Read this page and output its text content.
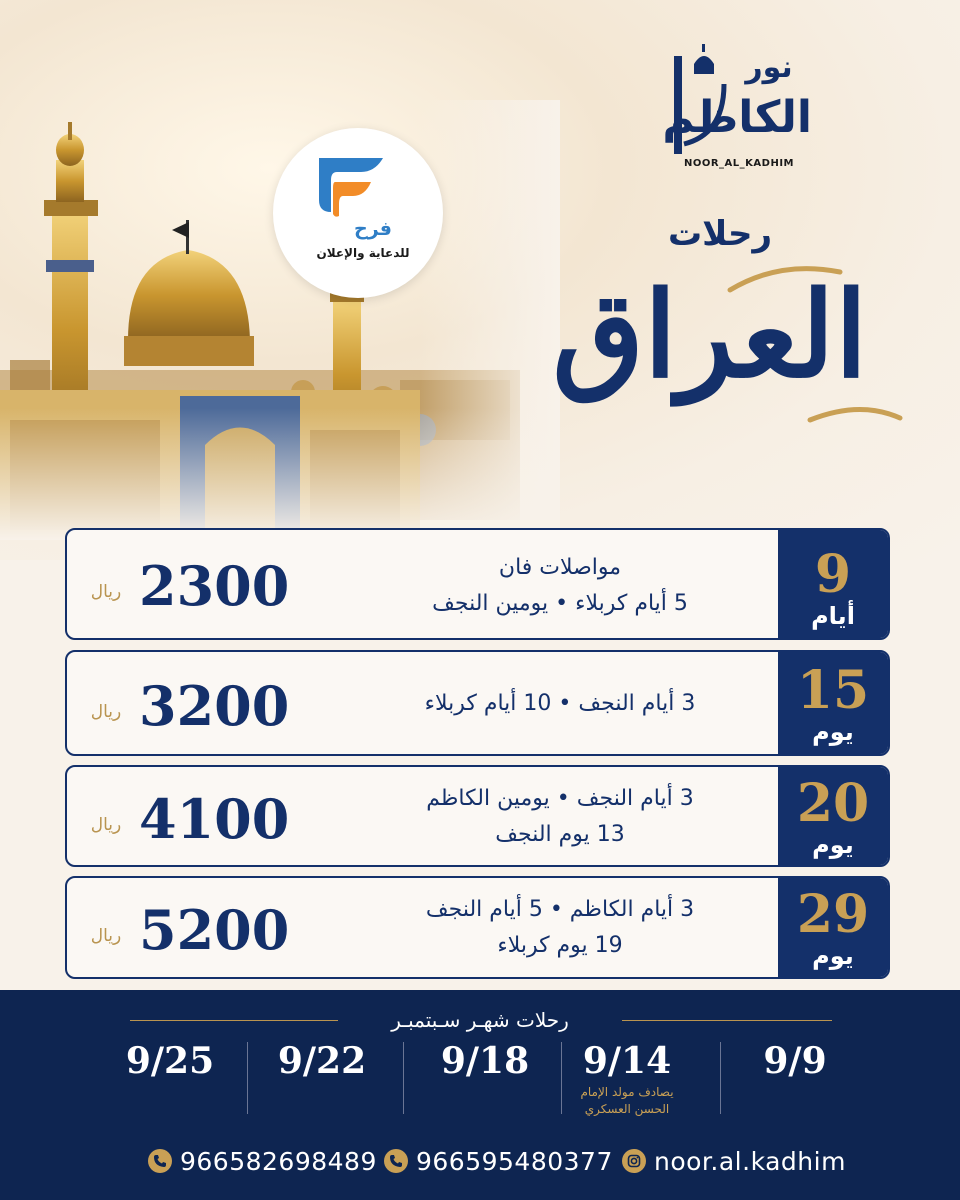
فرح
للدعاية والإعلان
نور
الكاظم
NOOR_AL_KADHIM
رحلات
العراق
9
أيام
مواصلات فان
5 أيام كربلاء • يومين النجف
2300
ريال
15
يوم
3 أيام النجف • 10 أيام كربلاء
3200
ريال
20
يوم
3 أيام النجف • يومين الكاظم
13 يوم النجف
4100
ريال
29
يوم
3 أيام الكاظم • 5 أيام النجف
19 يوم كربلاء
5200
ريال
رحلات شهـر سـبتمبـر
9/25	9/22	9/18	9/14
يصادف مولد الإمام
الحسن العسكري
9/9
966582698489 966595480377 noor.al.kadhim
